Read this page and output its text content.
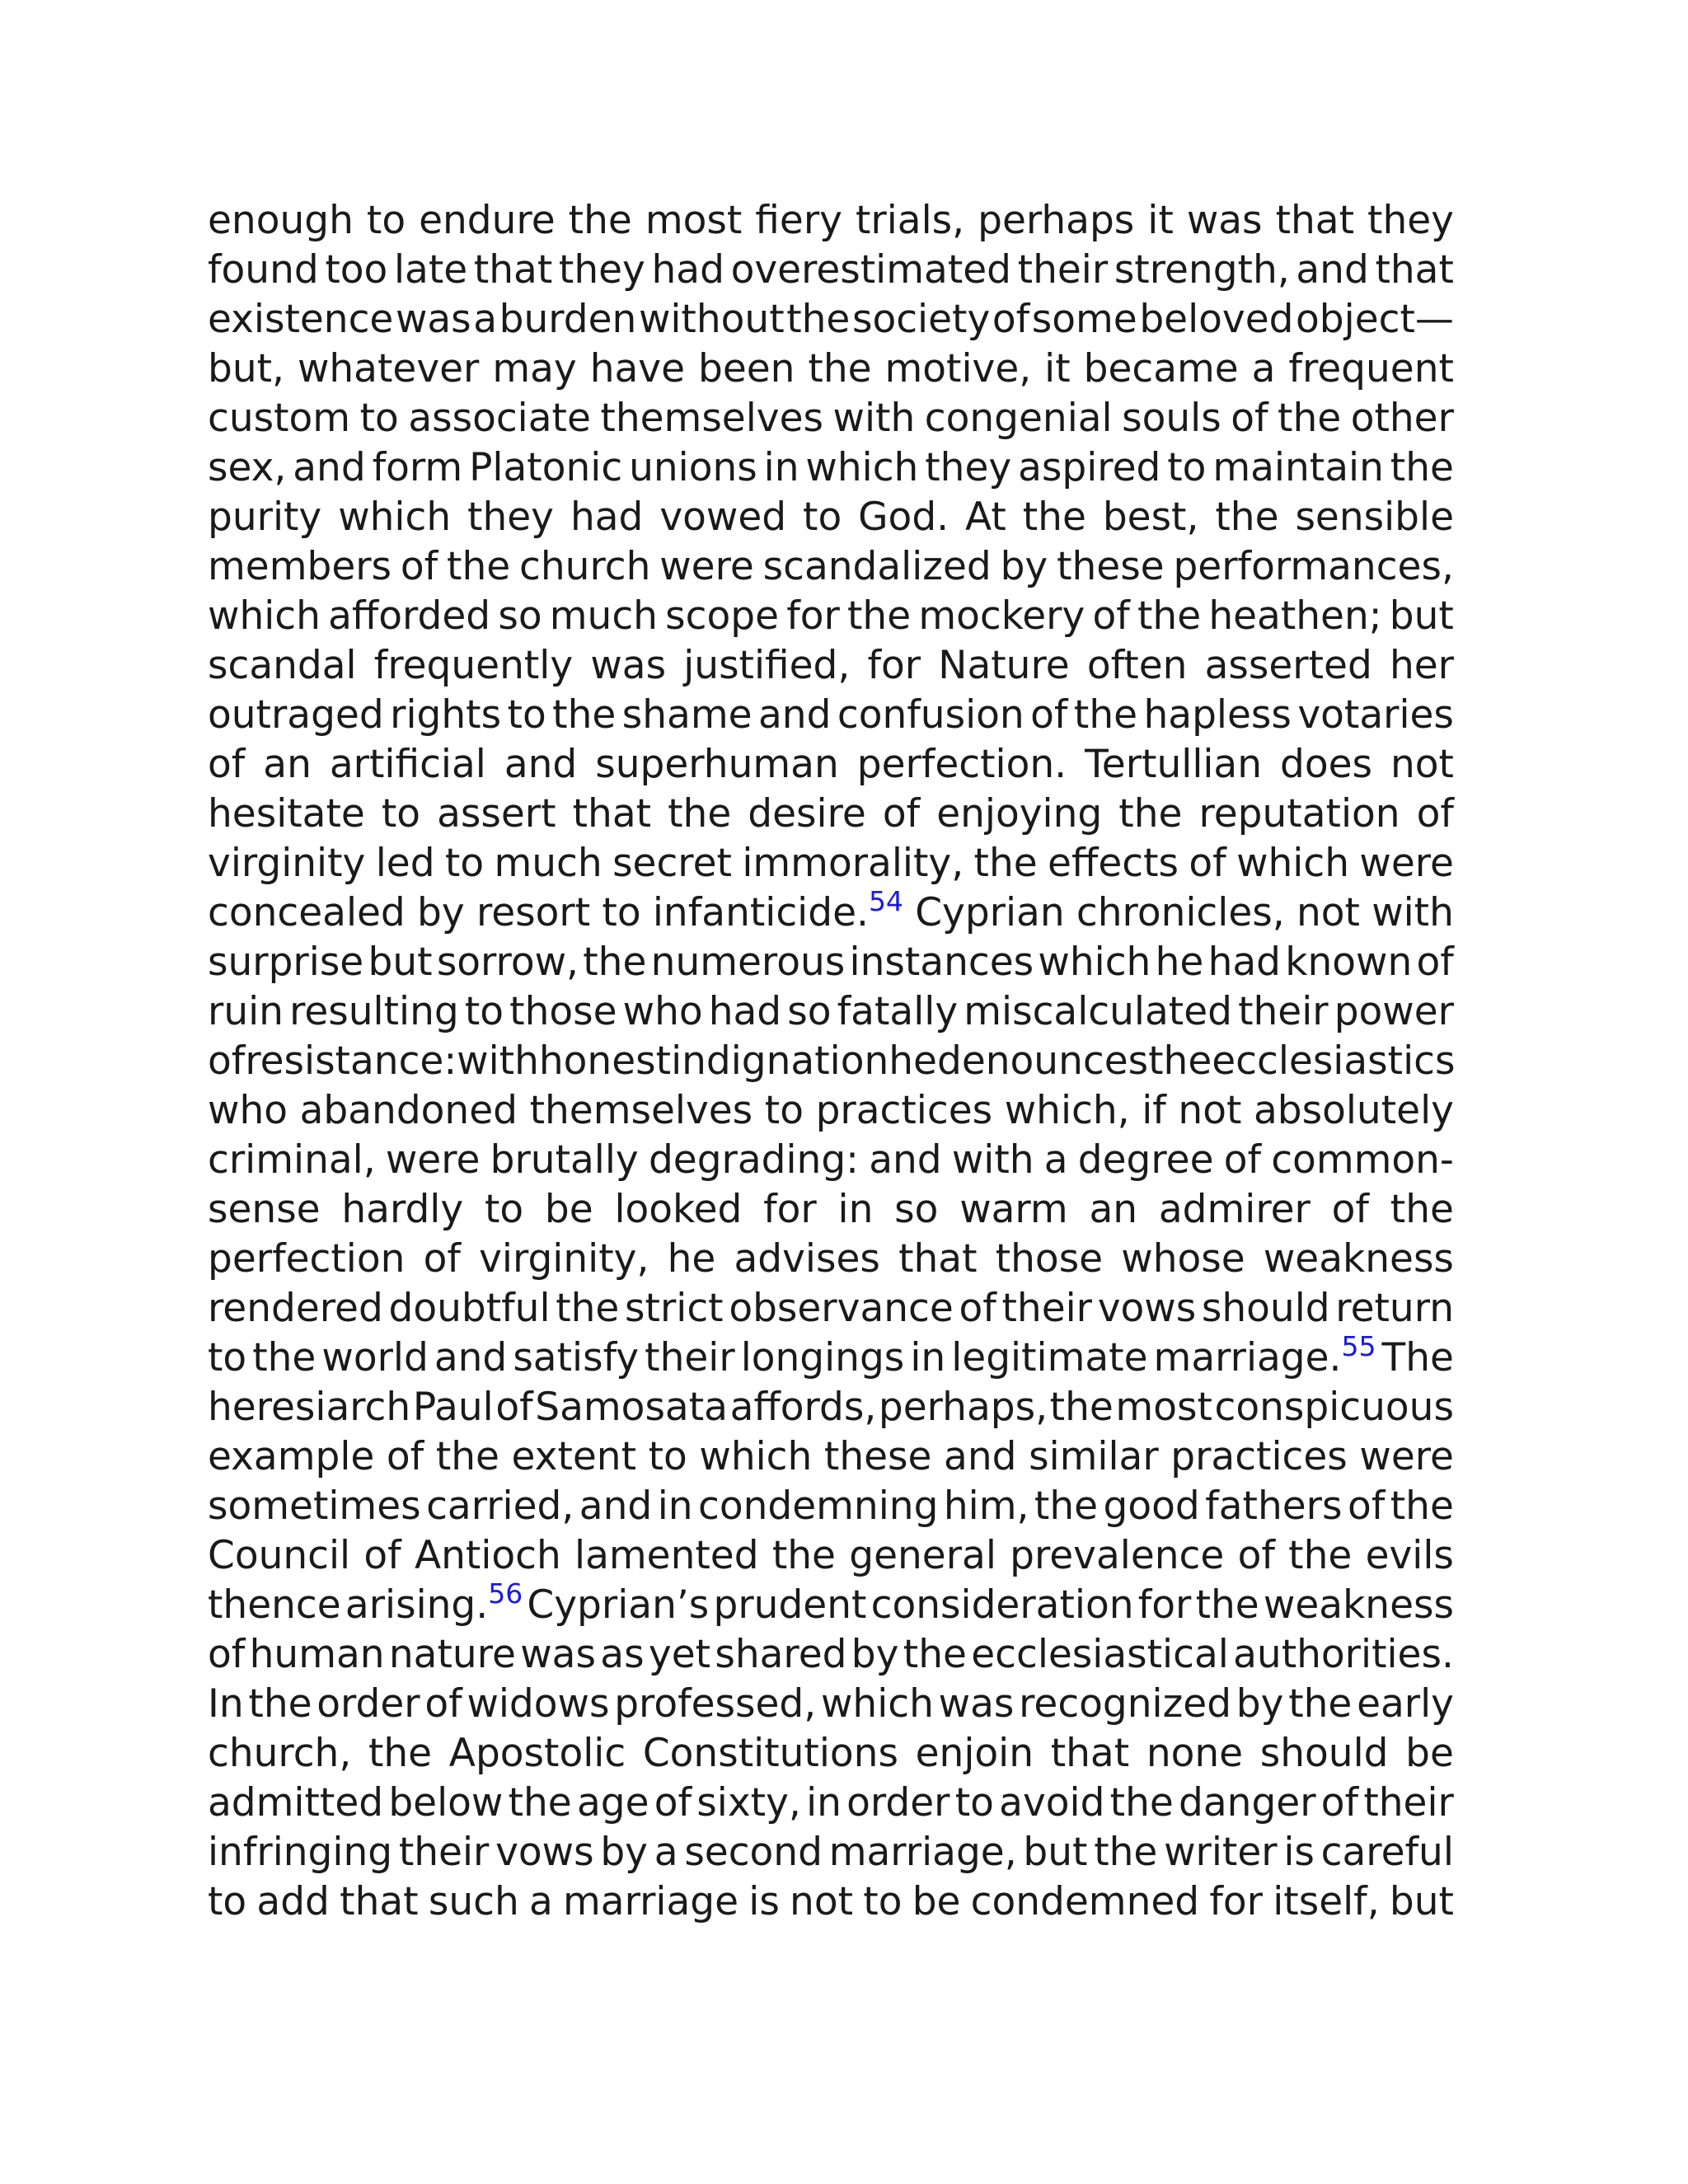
enough to endure the most fiery trials, perhaps it was that they
found too late that they had overestimated their strength, and that
existence was a burden without the society of some beloved object—
but, whatever may have been the motive, it became a frequent
custom to associate themselves with congenial souls of the other
sex, and form Platonic unions in which they aspired to maintain the
purity which they had vowed to God. At the best, the sensible
members of the church were scandalized by these performances,
which afforded so much scope for the mockery of the heathen; but
scandal frequently was justified, for Nature often asserted her
outraged rights to the shame and confusion of the hapless votaries
of an artificial and superhuman perfection. Tertullian does not
hesitate to assert that the desire of enjoying the reputation of
virginity led to much secret immorality, the effects of which were
concealed by resort to infanticide.$^{54}$ Cyprian chronicles, not with
surprise but sorrow, the numerous instances which he had known of
ruin resulting to those who had so fatally miscalculated their power
of resistance: with honest indignation he denounces the ecclesiastics
who abandoned themselves to practices which, if not absolutely
criminal, were brutally degrading: and with a degree of common-
sense hardly to be looked for in so warm an admirer of the
perfection of virginity, he advises that those whose weakness
rendered doubtful the strict observance of their vows should return
to the world and satisfy their longings in legitimate marriage.$^{55}$ The
heresiarch Paul of Samosata affords, perhaps, the most conspicuous
example of the extent to which these and similar practices were
sometimes carried, and in condemning him, the good fathers of the
Council of Antioch lamented the general prevalence of the evils
thence arising.$^{56}$ Cyprian’s prudent consideration for the weakness
of human nature was as yet shared by the ecclesiastical authorities.
In the order of widows professed, which was recognized by the early
church, the Apostolic Constitutions enjoin that none should be
admitted below the age of sixty, in order to avoid the danger of their
infringing their vows by a second marriage, but the writer is careful
to add that such a marriage is not to be condemned for itself, but
